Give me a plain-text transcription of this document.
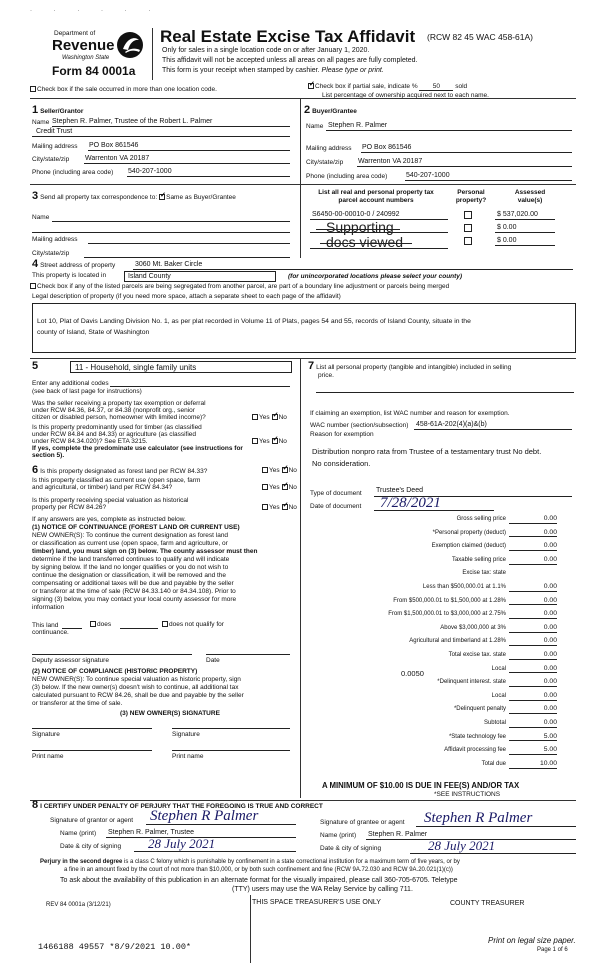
· · · · · ·
Department of
Revenue
Washington State
Form 84 0001a
Real Estate Excise Tax Affidavit (RCW 82 45 WAC 458-61A)
Only for sales in a single location code on or after January 1, 2020.
This affidavit will not be accepted unless all areas on all pages are fully completed.
This form is your receipt when stamped by cashier. Please type or print.
Check box if the sale occurred in more than one location code. ✓	Check box if partial sale, indicate % 50 sold
List percentage of ownership acquired next to each name.
1 Seller/Grantor
Name Stephen R. Palmer, Trustee of the Robert L. Palmer
Credit Trust
Mailing address PO Box 861546
City/state/zip Warrenton VA 20187
Phone (including area code) 540-207-1000
2 Buyer/Grantee
Name Stephen R. Palmer
Mailing address PO Box 861546
City/state/zip Warrenton VA 20187
Phone (including area code)	540-207-1000
3 Send all property tax correspondence to: ✓ Same as Buyer/Grantee
Name
Mailing address
City/state/zip
List all real and personal property tax
parcel account numbers
Personal
property?
Assessed
value(s)
S6450-00-00010-0 / 240992	$ 537,020.00
Supporting	$ 0.00
docs viewed	$ 0.00
4 Street address of property	3060 Mt. Baker Circle
This property is located in	Island County	(for unincorporated locations please select your county)
Check box if any of the listed parcels are being segregated from another parcel, are part of a boundary line adjustment or parcels being merged
Legal description of property (if you need more space, attach a separate sheet to each page of the affidavit)
Lot 10, Plat of Davis Landing Division No. 1, as per plat recorded in Volume 11 of Plats, pages 54 and 55, records of Island County, situate in the
county of Island, State of Washington
5	11 - Household, single family units
Enter any additional codes
(see back of last page for instructions)
Was the seller receiving a property tax exemption or deferral
under RCW 84.36, 84.37, or 84.38 (nonprofit org., senior
citizen or disabled person, homeowner with limited income)?	Yes ✓ No
Is this property predominantly used for timber (as classified
under RCW 84.84 and 84.33) or agriculture (as classified
under RCW 84.34.020)? See ETA 3215.	Yes ✓ No
If yes, complete the predominate use calculator (see instructions for
section 5).
6 Is this property designated as forest land per RCW 84.33?	Yes ✓ No
Is this property classified as current use (open space, farm
and agricultural, or timber) land per RCW 84.34?	Yes ✓ No
Is this property receiving special valuation as historical
property per RCW 84.26?	Yes ✓ No
If any answers are yes, complete as instructed below.
(1) NOTICE OF CONTINUANCE (FOREST LAND OR CURRENT USE)
NEW OWNER(S): To continue the current designation as forest land
or classification as current use (open space, farm and agriculture, or
timber) land, you must sign on (3) below. The county assessor must then
determine if the land transferred continues to qualify and will indicate
by signing below. If the land no longer qualifies or you do not wish to
continue the designation or classification, it will be removed and the
compensating or additional taxes will be due and payable by the seller
or transferor at the time of sale (RCW 84.33.140 or 84.34.108). Prior to
signing (3) below, you may contact your local county assessor for more
information
This land	does	does not qualify for
continuance.
Deputy assessor signature	Date
(2) NOTICE OF COMPLIANCE (HISTORIC PROPERTY)
NEW OWNER(S): To continue special valuation as historic property, sign
(3) below. If the new owner(s) doesn't wish to continue, all additional tax
calculated pursuant to RCW 84.26, shall be due and payable by the seller
or transferor at the time of sale.
(3) NEW OWNER(S) SIGNATURE
Signature	Signature
Print name	Print name
7 List all personal property (tangible and intangible) included in selling
price.
If claiming an exemption, list WAC number and reason for exemption.
WAC number (section/subsection) 458-61A-202(4)(a)&(b)
Reason for exemption
Distribution nonpro rata from Trustee of a testamentary trust No debt.
No consideration.
Type of document Trustee's Deed
Date of document 7/28/2021
Gross selling price	0.00
*Personal property (deduct)	0.00
Exemption claimed (deduct)	0.00
Taxable selling price	0.00
Excise tax: state
Less than $500,000.01 at 1.1%	0.00
From $500,000.01 to $1,500,000 at 1.28%	0.00
From $1,500,000.01 to $3,000,000 at 2.75%	0.00
Above $3,000,000 at 3%	0.00
Agricultural and timberland at 1.28%	0.00
Total excise tax. state	0.00
Local	0.00
*Delinquent interest. state	0.00
Local	0.00
*Delinquent penalty	0.00
Subtotal	0.00
*State technology fee	5.00
Affidavit processing fee	5.00
Total due	10.00
0.0050
A MINIMUM OF $10.00 IS DUE IN FEE(S) AND/OR TAX
*SEE INSTRUCTIONS
8 I CERTIFY UNDER PENALTY OF PERJURY THAT THE FOREGOING IS TRUE AND CORRECT
Signature of grantor or agent Stephen R Palmer
Name (print) Stephen R. Palmer, Trustee
Date & city of signing 28 July 2021
Signature of grantee or agent Stephen R Palmer
Name (print) Stephen R. Palmer
Date & city of signing	28 July 2021
Perjury in the second degree is a class C felony which is punishable by confinement in a state correctional institution for a maximum term of five years, or by
a fine in an amount fixed by the court of not more than $10,000, or by both such confinement and fine (RCW 9A.72.030 and RCW 9A.20.021(1)(c))
To ask about the availability of this publication in an alternate format for the visually impaired, please call 360-705-6705. Teletype
(TTY) users may use the WA Relay Service by calling 711.
REV 84 0001a (3/12/21)	THIS SPACE TREASURER'S USE ONLY	COUNTY TREASURER
1466188 49557 *8/9/2021 10.00*
Print on legal size paper.
Page 1 of 6
